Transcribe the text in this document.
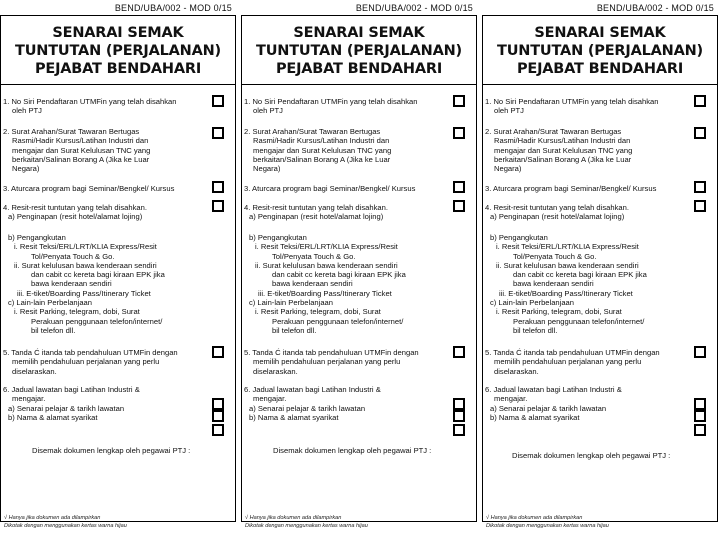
BEND/UBA/002 - MOD 0/15
SENARAI SEMAK
TUNTUTAN (PERJALANAN)
PEJABAT BENDAHARI
√ Hanya jika dokumen ada dilampirkan
Dikotak dengan menggunakan kertas warna hijau
1. No Siri Pendaftaran UTMFin yang telah disahkan
oleh PTJ
2. Surat Arahan/Surat Tawaran Bertugas
Rasmi/Hadir Kursus/Latihan Industri dan
mengajar dan Surat Kelulusan TNC yang
berkaitan/Salinan Borang A (Jika ke Luar
Negara)
3. Aturcara program bagi Seminar/Bengkel/ Kursus
4. Resit-resit tuntutan yang telah disahkan.
a) Penginapan (resit hotel/alamat lojing)
b) Pengangkutan
i. Resit Teksi/ERL/LRT/KLIA Express/Resit
Tol/Penyata Touch & Go.
ii. Surat kelulusan bawa kenderaan sendiri
dan cabit cc kereta bagi kiraan EPK jika
bawa kenderaan sendiri
iii. E-tiket/Boarding Pass/Itinerary Ticket
c) Lain-lain Perbelanjaan
i. Resit Parking, telegram, dobi, Surat
Perakuan penggunaan telefon/internet/
bil telefon dll.
5. Tanda Ć itanda tab pendahuluan UTMFin dengan
memilih pendahuluan perjalanan yang perlu
diselaraskan.
6. Jadual lawatan bagi Latihan Industri &
mengajar.
a) Senarai pelajar & tarikh lawatan
b) Nama & alamat syarikat
Disemak dokumen lengkap oleh pegawai PTJ :
BEND/UBA/002 - MOD 0/15
SENARAI SEMAK
TUNTUTAN (PERJALANAN)
PEJABAT BENDAHARI
√ Hanya jika dokumen ada dilampirkan
Dikotak dengan menggunakan kertas warna hijau
1. No Siri Pendaftaran UTMFin yang telah disahkan
oleh PTJ
2. Surat Arahan/Surat Tawaran Bertugas
Rasmi/Hadir Kursus/Latihan Industri dan
mengajar dan Surat Kelulusan TNC yang
berkaitan/Salinan Borang A (Jika ke Luar
Negara)
3. Aturcara program bagi Seminar/Bengkel/ Kursus
4. Resit-resit tuntutan yang telah disahkan.
a) Penginapan (resit hotel/alamat lojing)
b) Pengangkutan
i. Resit Teksi/ERL/LRT/KLIA Express/Resit
Tol/Penyata Touch & Go.
ii. Surat kelulusan bawa kenderaan sendiri
dan cabit cc kereta bagi kiraan EPK jika
bawa kenderaan sendiri
iii. E-tiket/Boarding Pass/Itinerary Ticket
c) Lain-lain Perbelanjaan
i. Resit Parking, telegram, dobi, Surat
Perakuan penggunaan telefon/internet/
bil telefon dll.
5. Tanda Ć itanda tab pendahuluan UTMFin dengan
memilih pendahuluan perjalanan yang perlu
diselaraskan.
6. Jadual lawatan bagi Latihan Industri &
mengajar.
a) Senarai pelajar & tarikh lawatan
b) Nama & alamat syarikat
Disemak dokumen lengkap oleh pegawai PTJ :
BEND/UBA/002 - MOD 0/15
SENARAI SEMAK
TUNTUTAN (PERJALANAN)
PEJABAT BENDAHARI
√ Hanya jika dokumen ada dilampirkan
Dikotak dengan menggunakan kertas warna hijau
1. No Siri Pendaftaran UTMFin yang telah disahkan
oleh PTJ
2. Surat Arahan/Surat Tawaran Bertugas
Rasmi/Hadir Kursus/Latihan Industri dan
mengajar dan Surat Kelulusan TNC yang
berkaitan/Salinan Borang A (Jika ke Luar
Negara)
3. Aturcara program bagi Seminar/Bengkel/ Kursus
4. Resit-resit tuntutan yang telah disahkan.
a) Penginapan (resit hotel/alamat lojing)
b) Pengangkutan
i. Resit Teksi/ERL/LRT/KLIA Express/Resit
Tol/Penyata Touch & Go.
ii. Surat kelulusan bawa kenderaan sendiri
dan cabit cc kereta bagi kiraan EPK jika
bawa kenderaan sendiri
iii. E-tiket/Boarding Pass/Itinerary Ticket
c) Lain-lain Perbelanjaan
i. Resit Parking, telegram, dobi, Surat
Perakuan penggunaan telefon/internet/
bil telefon dll.
5. Tanda Ć itanda tab pendahuluan UTMFin dengan
memilih pendahuluan perjalanan yang perlu
diselaraskan.
6. Jadual lawatan bagi Latihan Industri &
mengajar.
a) Senarai pelajar & tarikh lawatan
b) Nama & alamat syarikat
Disemak dokumen lengkap oleh pegawai PTJ :
